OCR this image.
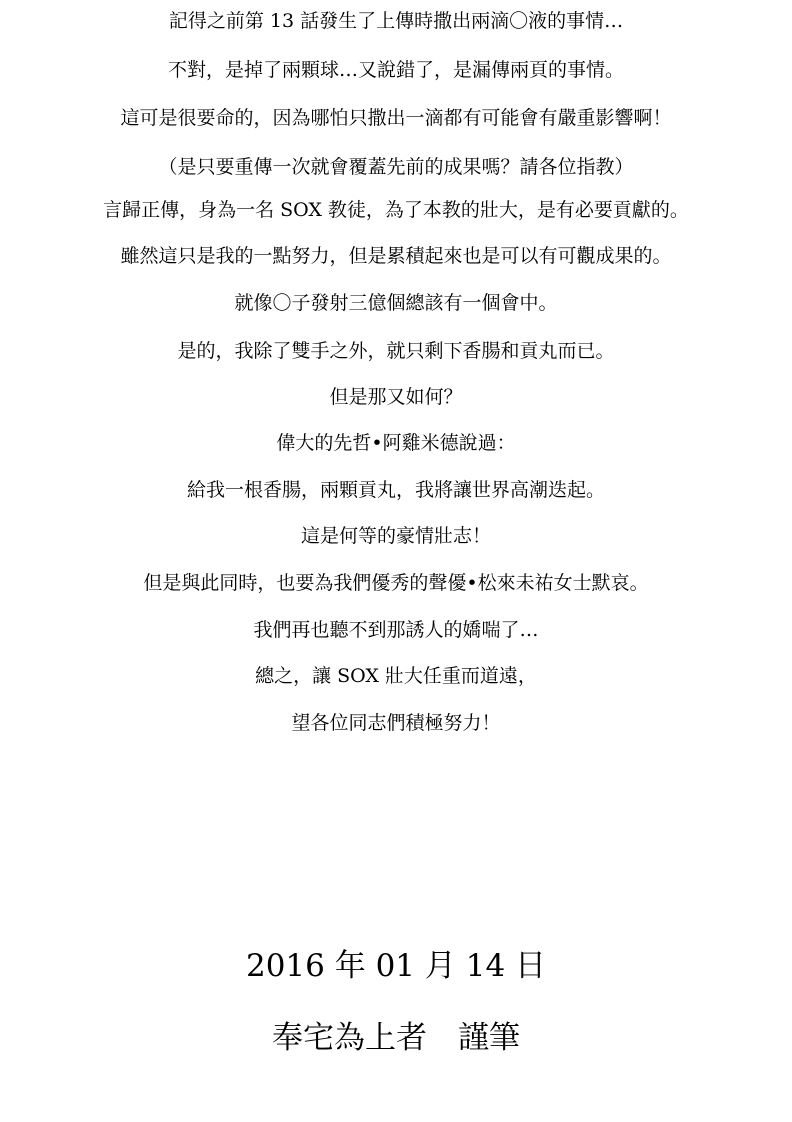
記得之前第 13 話發生了上傳時撒出兩滴〇液的事情…
不對，是掉了兩顆球…又說錯了，是漏傳兩頁的事情。
這可是很要命的，因為哪怕只撒出一滴都有可能會有嚴重影響啊！
（是只要重傳一次就會覆蓋先前的成果嗎？請各位指教）
言歸正傳，身為一名 SOX 教徒，為了本教的壯大，是有必要貢獻的。
雖然這只是我的一點努力，但是累積起來也是可以有可觀成果的。
就像〇子發射三億個總該有一個會中。
是的，我除了雙手之外，就只剩下香腸和貢丸而已。
但是那又如何？
偉大的先哲•阿雞米德說過：
給我一根香腸，兩顆貢丸，我將讓世界高潮迭起。
這是何等的豪情壯志！
但是與此同時，也要為我們優秀的聲優•松來未祐女士默哀。
我們再也聽不到那誘人的嬌喘了…
總之，讓 SOX 壯大任重而道遠，
望各位同志們積極努力！
2016 年 01 月 14 日
奉宅為上者　謹筆
